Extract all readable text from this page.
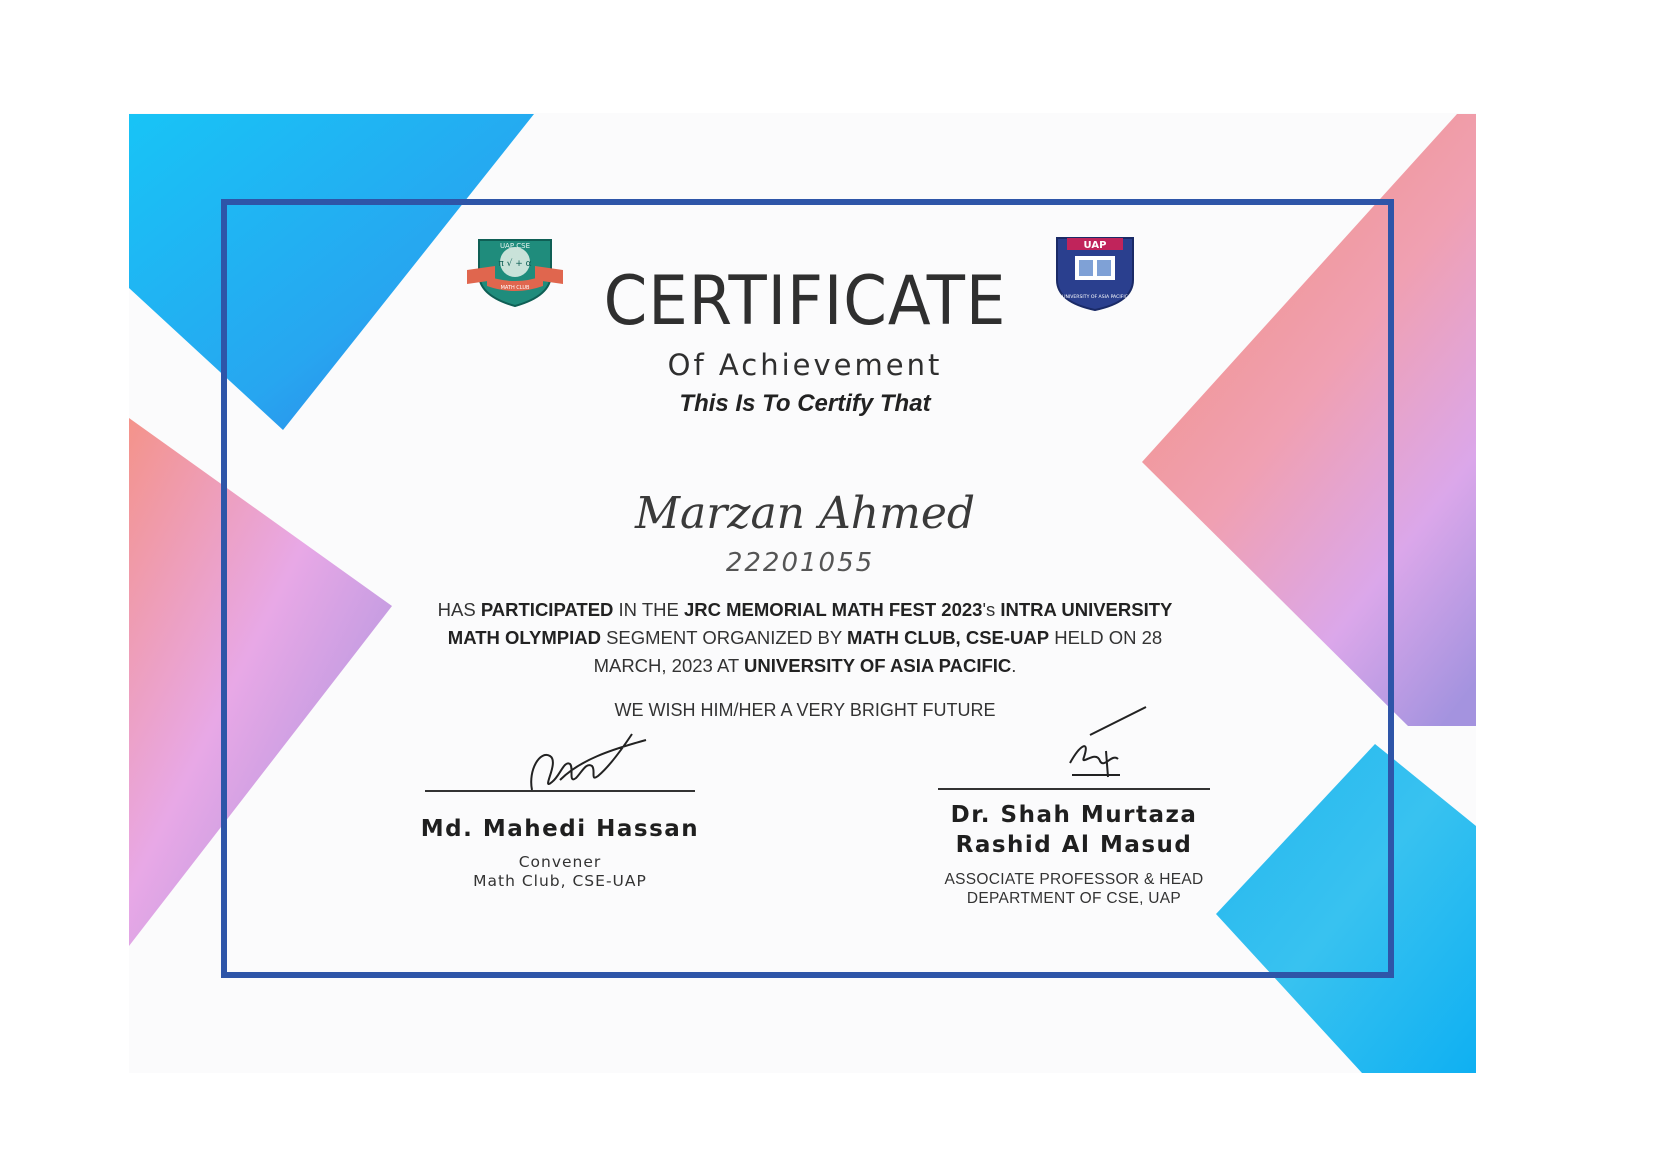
UAP CSE
π √ + α
MATH CLUB
UAP
UNIVERSITY OF ASIA PACIFIC
CERTIFICATE
Of Achievement
This Is To Certify That
Marzan Ahmed
22201055
HAS PARTICIPATED IN THE JRC MEMORIAL MATH FEST 2023's INTRA UNIVERSITY MATH OLYMPIAD SEGMENT ORGANIZED BY MATH CLUB, CSE-UAP HELD ON 28 MARCH, 2023 AT UNIVERSITY OF ASIA PACIFIC.
WE WISH HIM/HER A VERY BRIGHT FUTURE
Md. Mahedi Hassan
Convener
Math Club, CSE-UAP
Dr. Shah Murtaza
Rashid Al Masud
ASSOCIATE PROFESSOR & HEAD
DEPARTMENT OF CSE, UAP
